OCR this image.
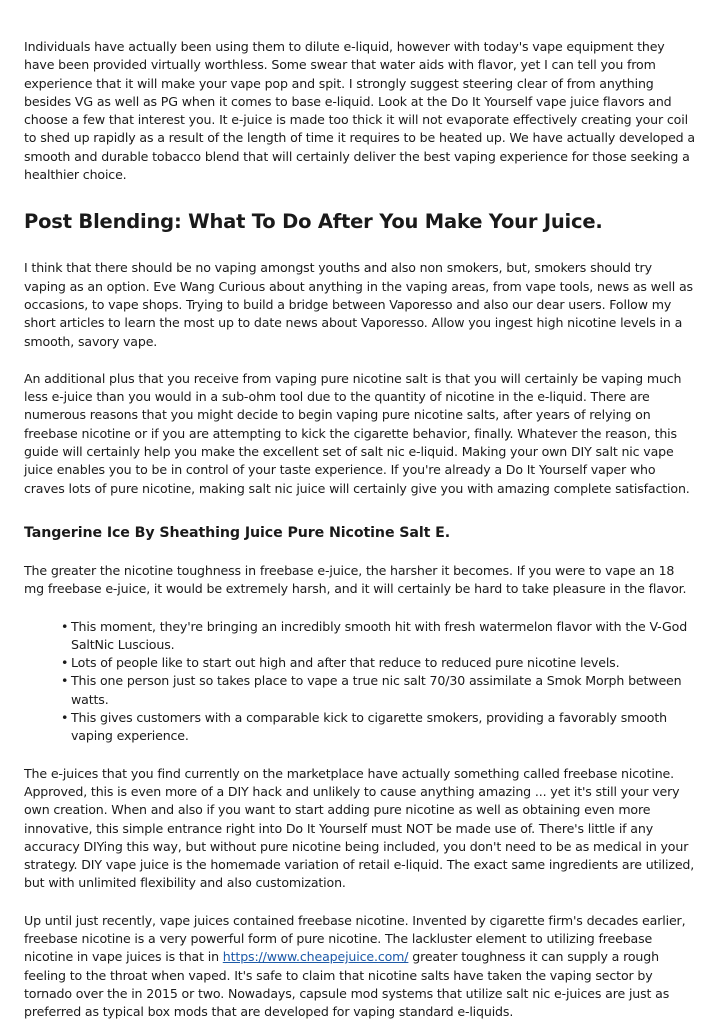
Individuals have actually been using them to dilute e-liquid, however with today's vape equipment they have been provided virtually worthless. Some swear that water aids with flavor, yet I can tell you from experience that it will make your vape pop and spit. I strongly suggest steering clear of from anything besides VG as well as PG when it comes to base e-liquid. Look at the Do It Yourself vape juice flavors and choose a few that interest you. It e-juice is made too thick it will not evaporate effectively creating your coil to shed up rapidly as a result of the length of time it requires to be heated up. We have actually developed a smooth and durable tobacco blend that will certainly deliver the best vaping experience for those seeking a healthier choice.

Post Blending: What To Do After You Make Your Juice.

I think that there should be no vaping amongst youths and also non smokers, but, smokers should try vaping as an option. Eve Wang Curious about anything in the vaping areas, from vape tools, news as well as occasions, to vape shops. Trying to build a bridge between Vaporesso and also our dear users. Follow my short articles to learn the most up to date news about Vaporesso. Allow you ingest high nicotine levels in a smooth, savory vape.

An additional plus that you receive from vaping pure nicotine salt is that you will certainly be vaping much less e-juice than you would in a sub-ohm tool due to the quantity of nicotine in the e-liquid. There are numerous reasons that you might decide to begin vaping pure nicotine salts, after years of relying on freebase nicotine or if you are attempting to kick the cigarette behavior, finally. Whatever the reason, this guide will certainly help you make the excellent set of salt nic e-liquid. Making your own DIY salt nic vape juice enables you to be in control of your taste experience. If you're already a Do It Yourself vaper who craves lots of pure nicotine, making salt nic juice will certainly give you with amazing complete satisfaction.

Tangerine Ice By Sheathing Juice Pure Nicotine Salt E.

The greater the nicotine toughness in freebase e-juice, the harsher it becomes. If you were to vape an 18 mg freebase e-juice, it would be extremely harsh, and it will certainly be hard to take pleasure in the flavor.

• This moment, they're bringing an incredibly smooth hit with fresh watermelon flavor with the V-God SaltNic Luscious.
• Lots of people like to start out high and after that reduce to reduced pure nicotine levels.
• This one person just so takes place to vape a true nic salt 70/30 assimilate a Smok Morph between watts.
• This gives customers with a comparable kick to cigarette smokers, providing a favorably smooth vaping experience.

The e-juices that you find currently on the marketplace have actually something called freebase nicotine. Approved, this is even more of a DIY hack and unlikely to cause anything amazing ... yet it's still your very own creation. When and also if you want to start adding pure nicotine as well as obtaining even more innovative, this simple entrance right into Do It Yourself must NOT be made use of. There's little if any accuracy DIYing this way, but without pure nicotine being included, you don't need to be as medical in your strategy. DIY vape juice is the homemade variation of retail e-liquid. The exact same ingredients are utilized, but with unlimited flexibility and also customization.

Up until just recently, vape juices contained freebase nicotine. Invented by cigarette firm's decades earlier, freebase nicotine is a very powerful form of pure nicotine. The lackluster element to utilizing freebase nicotine in vape juices is that in https://www.cheapejuice.com/ greater toughness it can supply a rough feeling to the throat when vaped. It's safe to claim that nicotine salts have taken the vaping sector by tornado over the in 2015 or two. Nowadays, capsule mod systems that utilize salt nic e-juices are just as preferred as typical box mods that are developed for vaping standard e-liquids.
